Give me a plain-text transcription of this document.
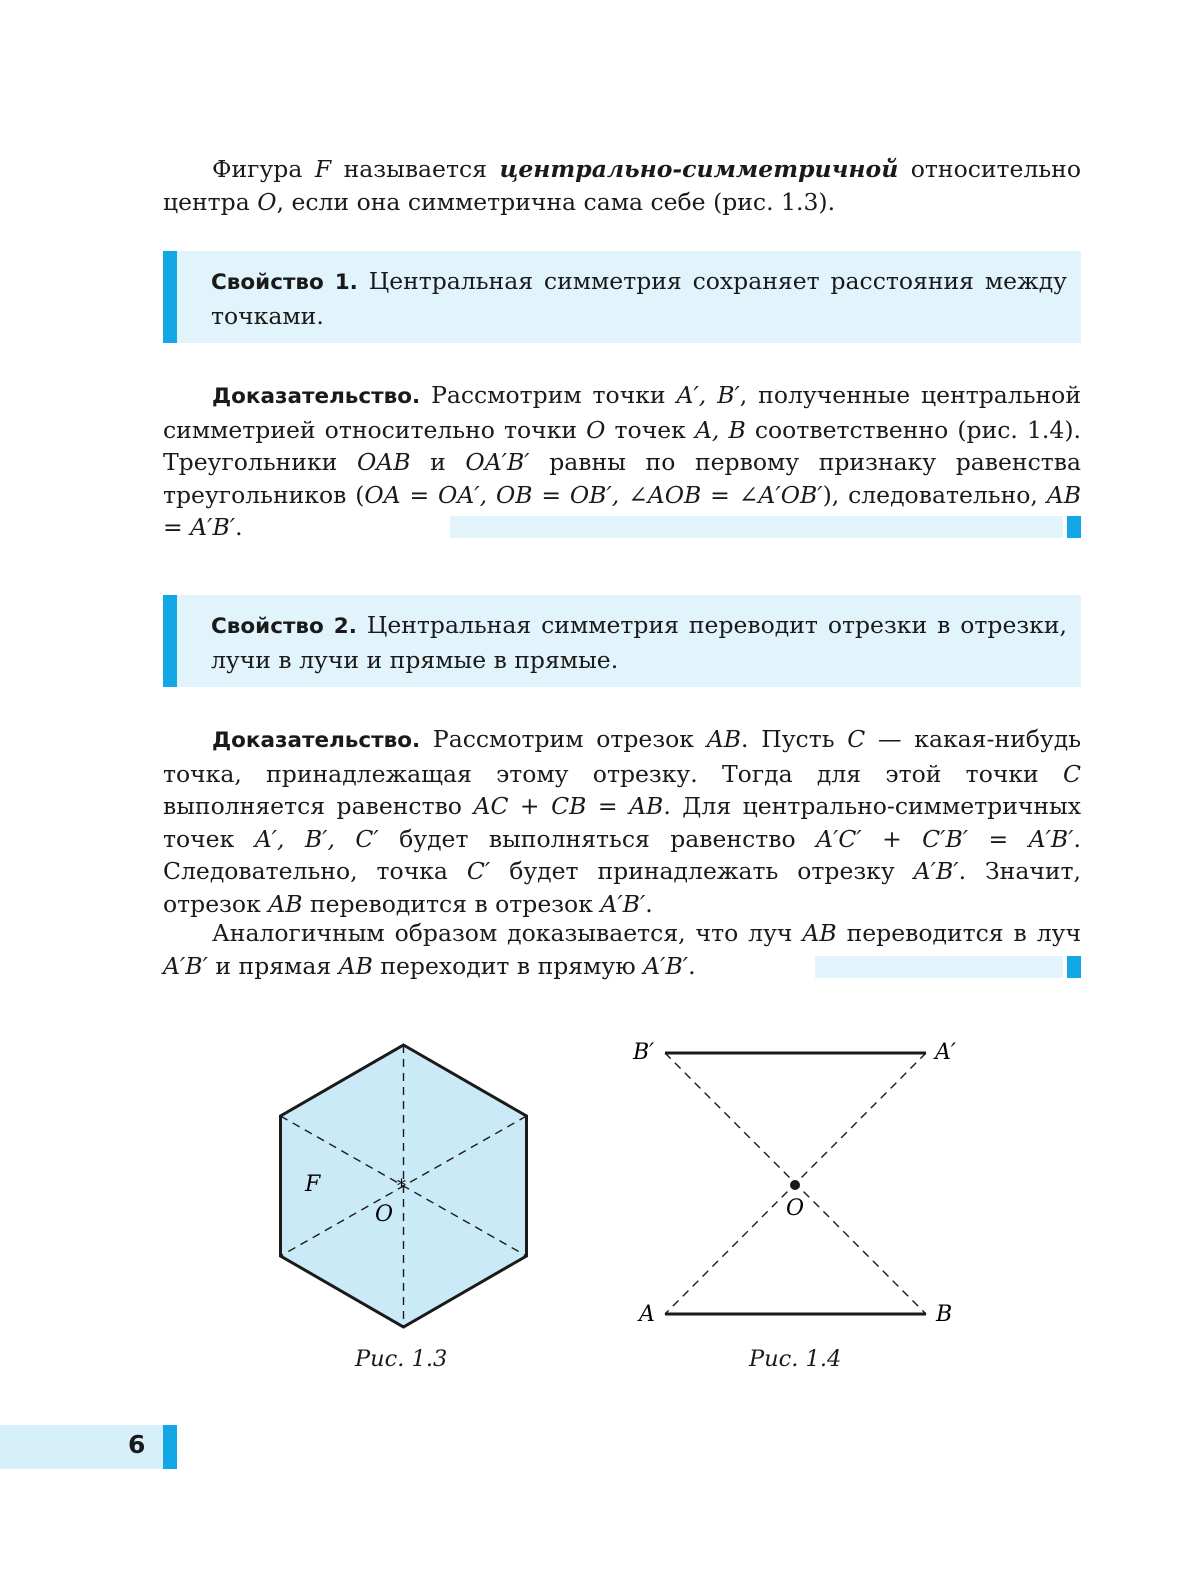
Фигура F называется центрально-симметричной относительно центра O, если она симметрична сама себе (рис. 1.3).

Свойство 1. Центральная симметрия сохраняет расстояния между точками.

Доказательство. Рассмотрим точки A′, B′, полученные центральной симметрией относительно точки O точек A, B соответственно (рис. 1.4). Треугольники OAB и OA′B′ равны по первому признаку равенства треугольников (OA = OA′, OB = OB′, ∠AOB = ∠A′OB′), следовательно, AB = A′B′.

Свойство 2. Центральная симметрия переводит отрезки в отрезки, лучи в лучи и прямые в прямые.

Доказательство. Рассмотрим отрезок AB. Пусть C — какая-нибудь точка, принадлежащая этому отрезку. Тогда для этой точки C выполняется равенство AC + CB = AB. Для центрально-симметричных точек A′, B′, C′ будет выполняться равенство A′C′ + C′B′ = A′B′. Следовательно, точка C′ будет принадлежать отрезку A′B′. Значит, отрезок AB переводится в отрезок A′B′.

Аналогичным образом доказывается, что луч AB переводится в луч A′B′ и прямая AB переходит в прямую A′B′.

*
F
O
Рис. 1.3
B′	A′
A	B
O
Рис. 1.4
6
